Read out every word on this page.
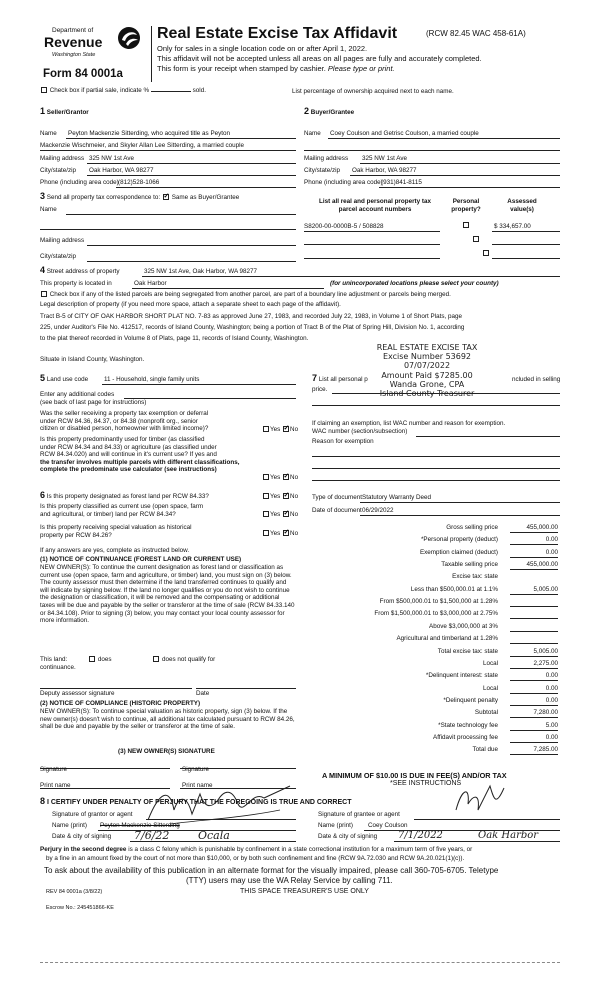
Department of
Revenue
Washington State
Form 84 0001a
Real Estate Excise Tax Affidavit	(RCW 82.45 WAC 458-61A)
Only for sales in a single location code on or after April 1, 2022.
This affidavit will not be accepted unless all areas on all pages are fully and accurately completed.
This form is your receipt when stamped by cashier. Please type or print.
Check box if partial sale, indicate %	sold.	List percentage of ownership acquired next to each name.
1 Seller/Grantor	2 Buyer/Grantee
Name Peyton Mackenzie Sitterding, who acquired title as Peyton
Mackenzie Wischmeier, and Skyler Allan Lee Sitterding, a married couple
Mailing address 325 NW 1st Ave
City/state/zip Oak Harbor, WA 98277
Phone (including area code) (812)528-1066
Name Coey Coulson and Getrisc Coulson, a married couple
Mailing address 325 NW 1st Ave
City/state/zip Oak Harbor, WA 98277
Phone (including area code)
(931)841-8115
3 Send all property tax correspondence to: ✓ Same as Buyer/Grantee
Name
Mailing address
City/state/zip
List all real and personal property tax
parcel account numbers
Personal
property?
Assessed
value(s)
S8200-00-0000B-5 / 508828
	$ 334,657.00

4 Street address of property	325 NW 1st Ave, Oak Harbor, WA 98277
This property is located in	Oak Harbor	(for unincorporated locations please select your county)
Check box if any of the listed parcels are being segregated from another parcel, are part of a boundary line adjustment or parcels being merged.
Legal description of property (if you need more space, attach a separate sheet to each page of the affidavit).
Tract B-5 of CITY OF OAK HARBOR SHORT PLAT NO. 7-83 as approved June 27, 1983, and recorded July 22, 1983, in Volume 1 of Short Plats, page
225, under Auditor's File No. 412517, records of Island County, Washington; being a portion of Tract B of the Plat of Spring Hill, Division No. 1, according
to the plat thereof recorded in Volume 8 of Plats, page 11, records of Island County, Washington.
Situate in Island County, Washington.
REAL ESTATE EXCISE TAX
Excise Number 53692
07/07/2022
Amount Paid $7285.00
Wanda Grone, CPA
Island County Treasurer
5 Land use code	11 - Household, single family units
Enter any additional codes
(see back of last page for instructions)
Was the seller receiving a property tax exemption or deferral
under RCW 84.36, 84.37, or 84.38 (nonprofit org., senior
citizen or disabled person, homeowner with limited income)?	Yes ✓ No
Is this property predominantly used for timber (as classified
under RCW 84.34 and 84.33) or agriculture (as classified under
RCW 84.34.020) and will continue in it's current use? If yes and
the transfer involves multiple parcels with different classifications,
complete the predominate use calculator (see instructions)
Yes ✓ No
7 List all personal p	ncluded in selling
price.
If claiming an exemption, list WAC number and reason for exemption.
WAC number (section/subsection)
Reason for exemption
6 Is this property designated as forest land per RCW 84.33?	Yes ✓ No
Is this property classified as current use (open space, farm
and agricultural, or timber) land per RCW 84.34?	Yes ✓ No
Is this property receiving special valuation as historical
property per RCW 84.26?	Yes ✓ No
If any answers are yes, complete as instructed below.
(1) NOTICE OF CONTINUANCE (FOREST LAND OR CURRENT USE)
NEW OWNER(S): To continue the current designation as forest land or classification as current use (open space, farm and agriculture, or timber) land, you must sign on (3) below. The county assessor must then determine if the land transferred continues to qualify and will indicate by signing below. If the land no longer qualifies or you do not wish to continue the designation or classification, it will be removed and the compensating or additional taxes will be due and payable by the seller or transferor at the time of sale (RCW 84.33.140 or 84.34.108). Prior to signing (3) below, you may contact your local county assessor for more information.
This land:	does	does not qualify for
continuance.
Deputy assessor signature	Date
(2) NOTICE OF COMPLIANCE (HISTORIC PROPERTY)
NEW OWNER(S): To continue special valuation as historic property, sign (3) below. If the new owner(s) doesn't wish to continue, all additional tax calculated pursuant to RCW 84.26, shall be due and payable by the seller or transferor at the time of sale.
(3) NEW OWNER(S) SIGNATURE
Signature	Signature
Print name	Print name
Type of document Statutory Warranty Deed
Date of document 06/29/2022
Gross selling price	455,000.00
*Personal property (deduct)	0.00
Exemption claimed (deduct)	0.00
Taxable selling price	455,000.00
Excise tax: state
Less than $500,000.01 at 1.1%	5,005.00
From $500,000.01 to $1,500,000 at 1.28%
From $1,500,000.01 to $3,000,000 at 2.75%
Above $3,000,000 at 3%
Agricultural and timberland at 1.28%
Total excise tax: state	5,005.00
Local	2,275.00
*Delinquent interest: state	0.00
Local	0.00
*Delinquent penalty	0.00
Subtotal	7,280.00
*State technology fee	5.00
Affidavit processing fee	0.00
Total due	7,285.00
A MINIMUM OF $10.00 IS DUE IN FEE(S) AND/OR TAX
*SEE INSTRUCTIONS
8 I CERTIFY UNDER PENALTY OF PERJURY THAT THE FOREGOING IS TRUE AND CORRECT
Signature of grantor or agent
Name (print) Peyton Mackenzie Sitterding
Date & city of signing 7/6/22	Ocala
Signature of grantee or agent
Name (print) Coey Coulson
Date & city of signing 7/1/2022	Oak Harbor
Perjury in the second degree is a class C felony which is punishable by confinement in a state correctional institution for a maximum term of five years, or
by a fine in an amount fixed by the court of not more than $10,000, or by both such confinement and fine (RCW 9A.72.030 and RCW 9A.20.021(1)(c)).
To ask about the availability of this publication in an alternate format for the visually impaired, please call 360-705-6705. Teletype
(TTY) users may use the WA Relay Service by calling 711.
REV 84 0001a (3/8/22)	THIS SPACE TREASURER'S USE ONLY
Escrow No.: 245451866-KE
